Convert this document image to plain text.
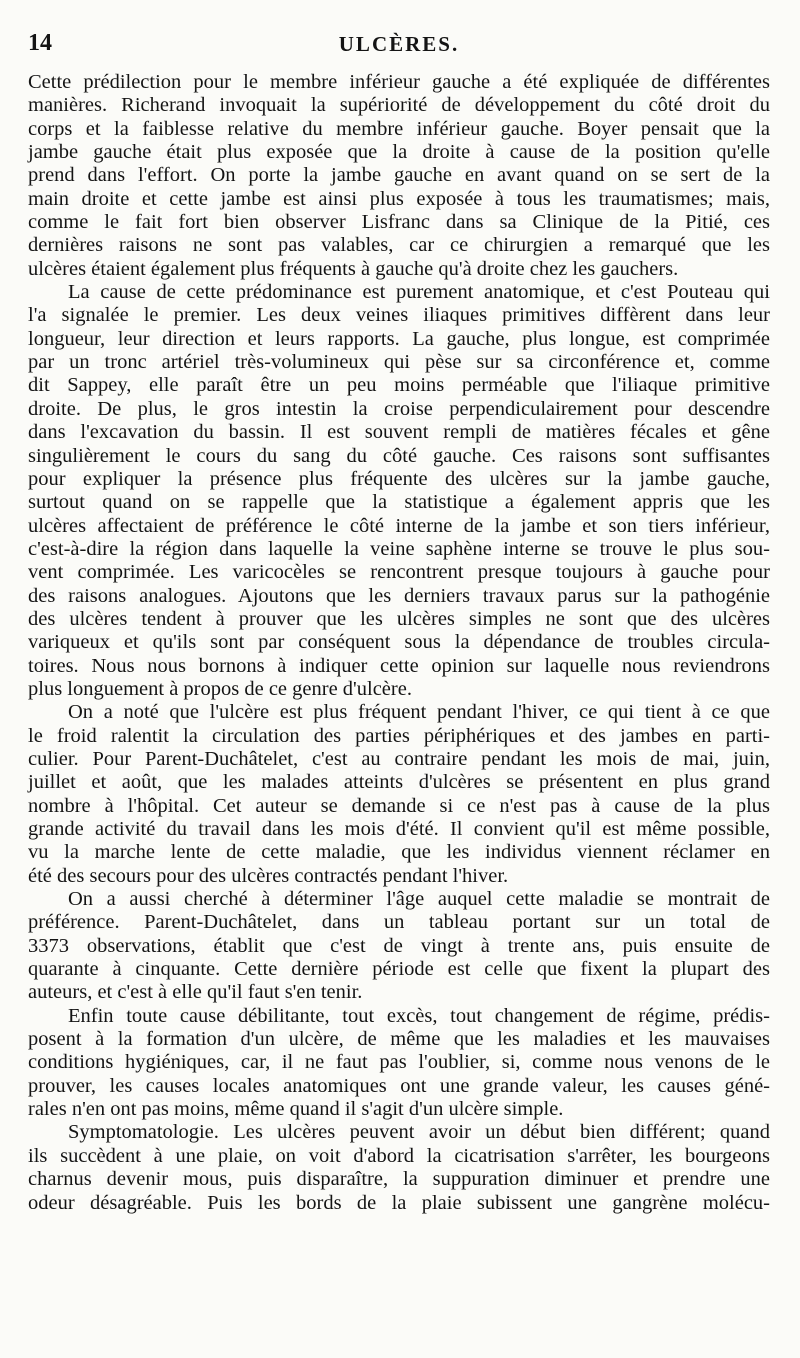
14	ULCÈRES.
Cette prédilection pour le membre inférieur gauche a été expliquée de différentes
manières. Richerand invoquait la supériorité de développement du côté droit du
corps et la faiblesse relative du membre inférieur gauche. Boyer pensait que la
jambe gauche était plus exposée que la droite à cause de la position qu'elle
prend dans l'effort. On porte la jambe gauche en avant quand on se sert de la
main droite et cette jambe est ainsi plus exposée à tous les traumatismes; mais,
comme le fait fort bien observer Lisfranc dans sa Clinique de la Pitié, ces
dernières raisons ne sont pas valables, car ce chirurgien a remarqué que les
ulcères étaient également plus fréquents à gauche qu'à droite chez les gauchers.
La cause de cette prédominance est purement anatomique, et c'est Pouteau qui
l'a signalée le premier. Les deux veines iliaques primitives diffèrent dans leur
longueur, leur direction et leurs rapports. La gauche, plus longue, est comprimée
par un tronc artériel très-volumineux qui pèse sur sa circonférence et, comme
dit Sappey, elle paraît être un peu moins perméable que l'iliaque primitive
droite. De plus, le gros intestin la croise perpendiculairement pour descendre
dans l'excavation du bassin. Il est souvent rempli de matières fécales et gêne
singulièrement le cours du sang du côté gauche. Ces raisons sont suffisantes
pour expliquer la présence plus fréquente des ulcères sur la jambe gauche,
surtout quand on se rappelle que la statistique a également appris que les
ulcères affectaient de préférence le côté interne de la jambe et son tiers inférieur,
c'est-à-dire la région dans laquelle la veine saphène interne se trouve le plus sou-
vent comprimée. Les varicocèles se rencontrent presque toujours à gauche pour
des raisons analogues. Ajoutons que les derniers travaux parus sur la pathogénie
des ulcères tendent à prouver que les ulcères simples ne sont que des ulcères
variqueux et qu'ils sont par conséquent sous la dépendance de troubles circula-
toires. Nous nous bornons à indiquer cette opinion sur laquelle nous reviendrons
plus longuement à propos de ce genre d'ulcère.
On a noté que l'ulcère est plus fréquent pendant l'hiver, ce qui tient à ce que
le froid ralentit la circulation des parties périphériques et des jambes en parti-
culier. Pour Parent-Duchâtelet, c'est au contraire pendant les mois de mai, juin,
juillet et août, que les malades atteints d'ulcères se présentent en plus grand
nombre à l'hôpital. Cet auteur se demande si ce n'est pas à cause de la plus
grande activité du travail dans les mois d'été. Il convient qu'il est même possible,
vu la marche lente de cette maladie, que les individus viennent réclamer en
été des secours pour des ulcères contractés pendant l'hiver.
On a aussi cherché à déterminer l'âge auquel cette maladie se montrait de
préférence. Parent-Duchâtelet, dans un tableau portant sur un total de
3373 observations, établit que c'est de vingt à trente ans, puis ensuite de
quarante à cinquante. Cette dernière période est celle que fixent la plupart des
auteurs, et c'est à elle qu'il faut s'en tenir.
Enfin toute cause débilitante, tout excès, tout changement de régime, prédis-
posent à la formation d'un ulcère, de même que les maladies et les mauvaises
conditions hygiéniques, car, il ne faut pas l'oublier, si, comme nous venons de le
prouver, les causes locales anatomiques ont une grande valeur, les causes géné-
rales n'en ont pas moins, même quand il s'agit d'un ulcère simple.
Symptomatologie. Les ulcères peuvent avoir un début bien différent; quand
ils succèdent à une plaie, on voit d'abord la cicatrisation s'arrêter, les bourgeons
charnus devenir mous, puis disparaître, la suppuration diminuer et prendre une
odeur désagréable. Puis les bords de la plaie subissent une gangrène molécu-
